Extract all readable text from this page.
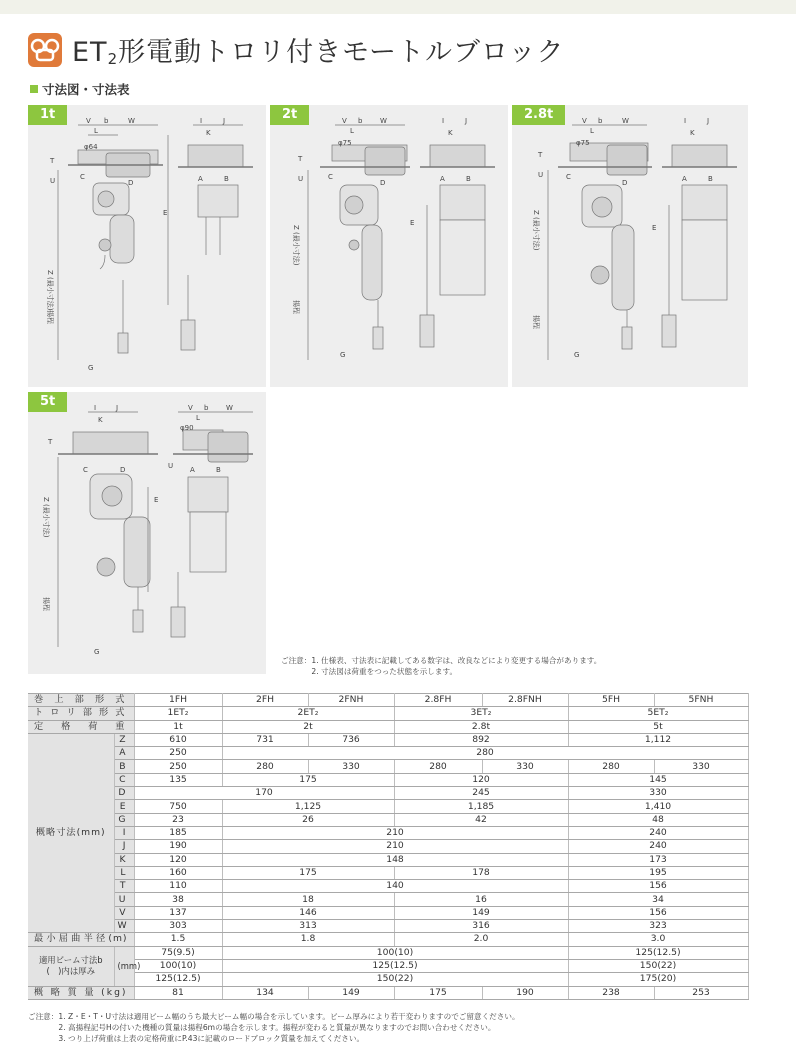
$ET_2$形電動トロリ付きモートルブロック
寸法図・寸法表
1t	V b	W
L
φ64
T
U	C
D
E
G
I	J
K
A	B
Z (最小寸法)
揚程
2t	V b	W
L
φ75
T
U	C
D
E
G
I	J
K
A	B
Z (最小寸法)
揚程
2.8t	V b	W
L
φ75
T
U	C
D
E
G
I	J
K
A	B
Z (最小寸法)
揚程
5t	I	J
K
T
C	D
E
G
V b	W
L
φ90
U A	B
Z (最小寸法)
揚程
ご注意：1. 仕様表、寸法表に記載してある数字は、改良などにより変更する場合があります。
　　　　2. 寸法図は荷重をつった状態を示します。
巻上部形式		1FH	2FH	2FNH	2.8FH	2.8FNH	5FH	5FNH
トロリ部形式		1ET₂	2ET₂		3ET₂		5ET₂	
定格荷重		1t	2t		2.8t		5t	
概略寸法(mm)	Z	610	731	736	892		1,112	
	A	250	280					
	B	250	280	330	280	330	280	330
	C	135	175		120		145	
	D	170			245		330	
	E	750	1,125		1,185		1,410	
	G	23	26		42		48	
	I	185	210				240	
	J	190	210				240	
	K	120	148				173	
	L	160	175		178		195	
	T	110	140				156	
	U	38	18		16		34	
	V	137	146		149		156	
	W	303	313		316		323	
最小屈曲半径(m)		1.5	1.8		2.0		3.0	

適用ビーム寸法b
(　)内は厚み	(mm)	75(9.5)	100(10)				125(12.5)	
		100(10)	125(12.5)				150(22)	
		125(12.5)	150(22)				175(20)	
概略質量(kg)		81	134	149	175	190	238	253
ご注意：1. Z・E・T・U寸法は適用ビーム幅のうち最大ビーム幅の場合を示しています。ビーム厚みにより若干変わりますのでご留意ください。
　　　　2. 高揚程記号Hの付いた機種の質量は揚程6mの場合を示します。揚程が変わると質量が異なりますのでお問い合わせください。
　　　　3. つり上げ荷重は上表の定格荷重にP.43に記載のロードブロック質量を加えてください。
